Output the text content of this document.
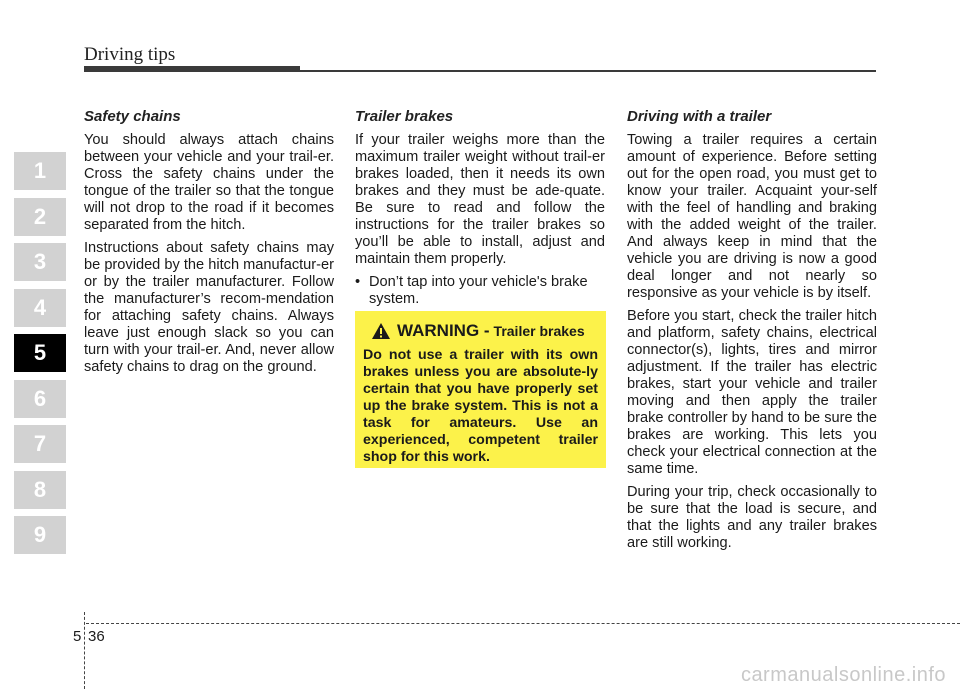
Driving tips
1
2
3
4
5
6
7
8
9
Safety chains

You should always attach chains between your vehicle and your trail-er. Cross the safety chains under the tongue of the trailer so that the tongue will not drop to the road if it becomes separated from the hitch.

Instructions about safety chains may be provided by the hitch manufactur-er or by the trailer manufacturer. Follow the manufacturer’s recom-mendation for attaching safety chains. Always leave just enough slack so you can turn with your trail-er. And, never allow safety chains to drag on the ground.

Trailer brakes

If your trailer weighs more than the maximum trailer weight without trail-er brakes loaded, then it needs its own brakes and they must be ade-quate. Be sure to read and follow the instructions for the trailer brakes so you’ll be able to install, adjust and maintain them properly.

• Don’t tap into your vehicle's brake system.
WARNING - Trailer brakes
Do not use a trailer with its own brakes unless you are absolute-ly certain that you have properly set up the brake system. This is not a task for amateurs. Use an experienced, competent trailer shop for this work.
Driving with a trailer

Towing a trailer requires a certain amount of experience. Before setting out for the open road, you must get to know your trailer. Acquaint your-self with the feel of handling and braking with the added weight of the trailer. And always keep in mind that the vehicle you are driving is now a good deal longer and not nearly so responsive as your vehicle is by itself.

Before you start, check the trailer hitch and platform, safety chains, electrical connector(s), lights, tires and mirror adjustment. If the trailer has electric brakes, start your vehicle and trailer moving and then apply the trailer brake controller by hand to be sure the brakes are working. This lets you check your electrical connection at the same time.

During your trip, check occasionally to be sure that the load is secure, and that the lights and any trailer brakes are still working.

5 36
carmanualsonline.info
